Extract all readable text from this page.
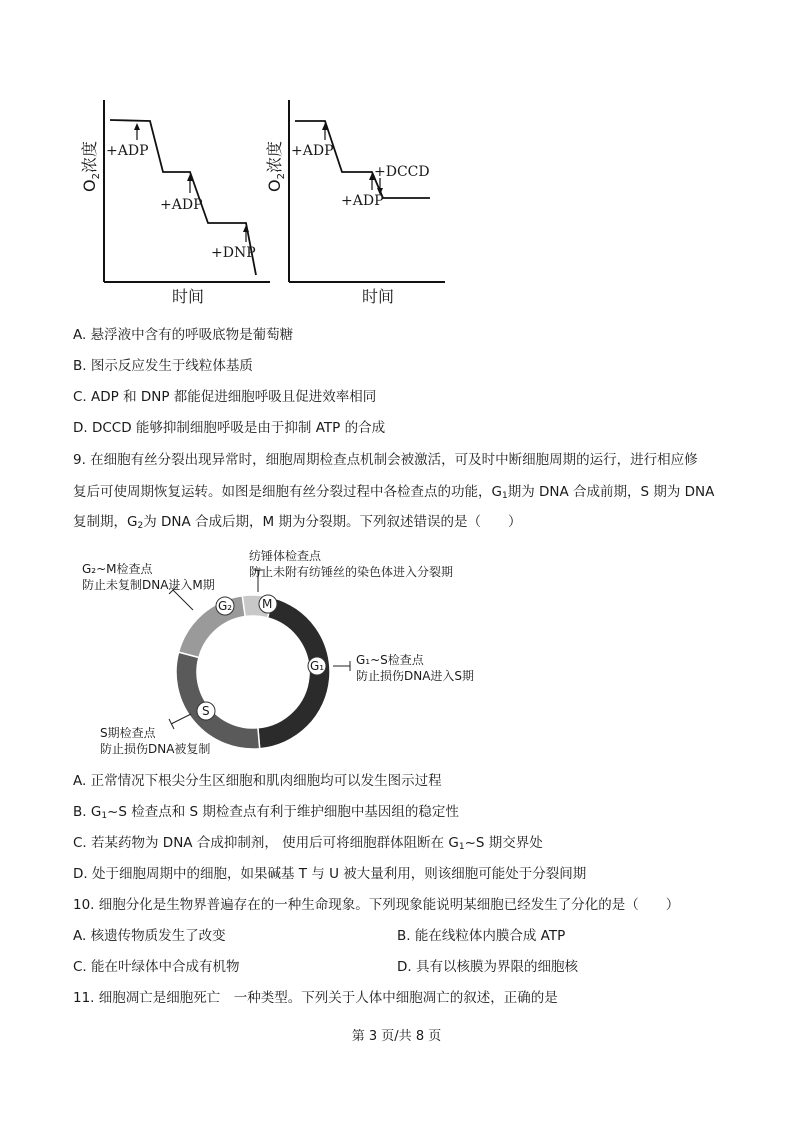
+ADP
+ADP
+DNP
$O_2$浓度
时间
+ADP
+DCCD
+ADP
$O_2$浓度
时间
A. 悬浮液中含有的呼吸底物是葡萄糖
B. 图示反应发生于线粒体基质
C. ADP 和 DNP 都能促进细胞呼吸且促进效率相同
D. DCCD 能够抑制细胞呼吸是由于抑制 ATP 的合成
9. 在细胞有丝分裂出现异常时，细胞周期检查点机制会被激活，可及时中断细胞周期的运行，进行相应修
复后可使周期恢复运转。如图是细胞有丝分裂过程中各检查点的功能，$G_1$期为 DNA 合成前期，S 期为 DNA
复制期，$G_2$为 DNA 合成后期，M 期为分裂期。下列叙述错误的是（　　）
G₂ M
G₁
S
G₂~M检查点
防止未复制DNA进入M期
纺锤体检查点
防止未附有纺锤丝的染色体进入分裂期
G₁~S检查点
防止损伤DNA进入S期
S期检查点
防止损伤DNA被复制
A. 正常情况下根尖分生区细胞和肌肉细胞均可以发生图示过程
B. $G_1\sim S$ 检查点和 S 期检查点有利于维护细胞中基因组的稳定性
C. 若某药物为 DNA 合成抑制剂， 使用后可将细胞群体阻断在 $G_1\sim S$ 期交界处
D. 处于细胞周期中的细胞，如果碱基 T 与 U 被大量利用，则该细胞可能处于分裂间期
10. 细胞分化是生物界普遍存在的一种生命现象。下列现象能说明某细胞已经发生了分化的是（　　）
A. 核遗传物质发生了改变	B. 能在线粒体内膜合成 ATP
C. 能在叶绿体中合成有机物	D. 具有以核膜为界限的细胞核
11. 细胞凋亡是细胞死亡　一种类型。下列关于人体中细胞凋亡的叙述，正确的是
第 3 页/共 8 页
